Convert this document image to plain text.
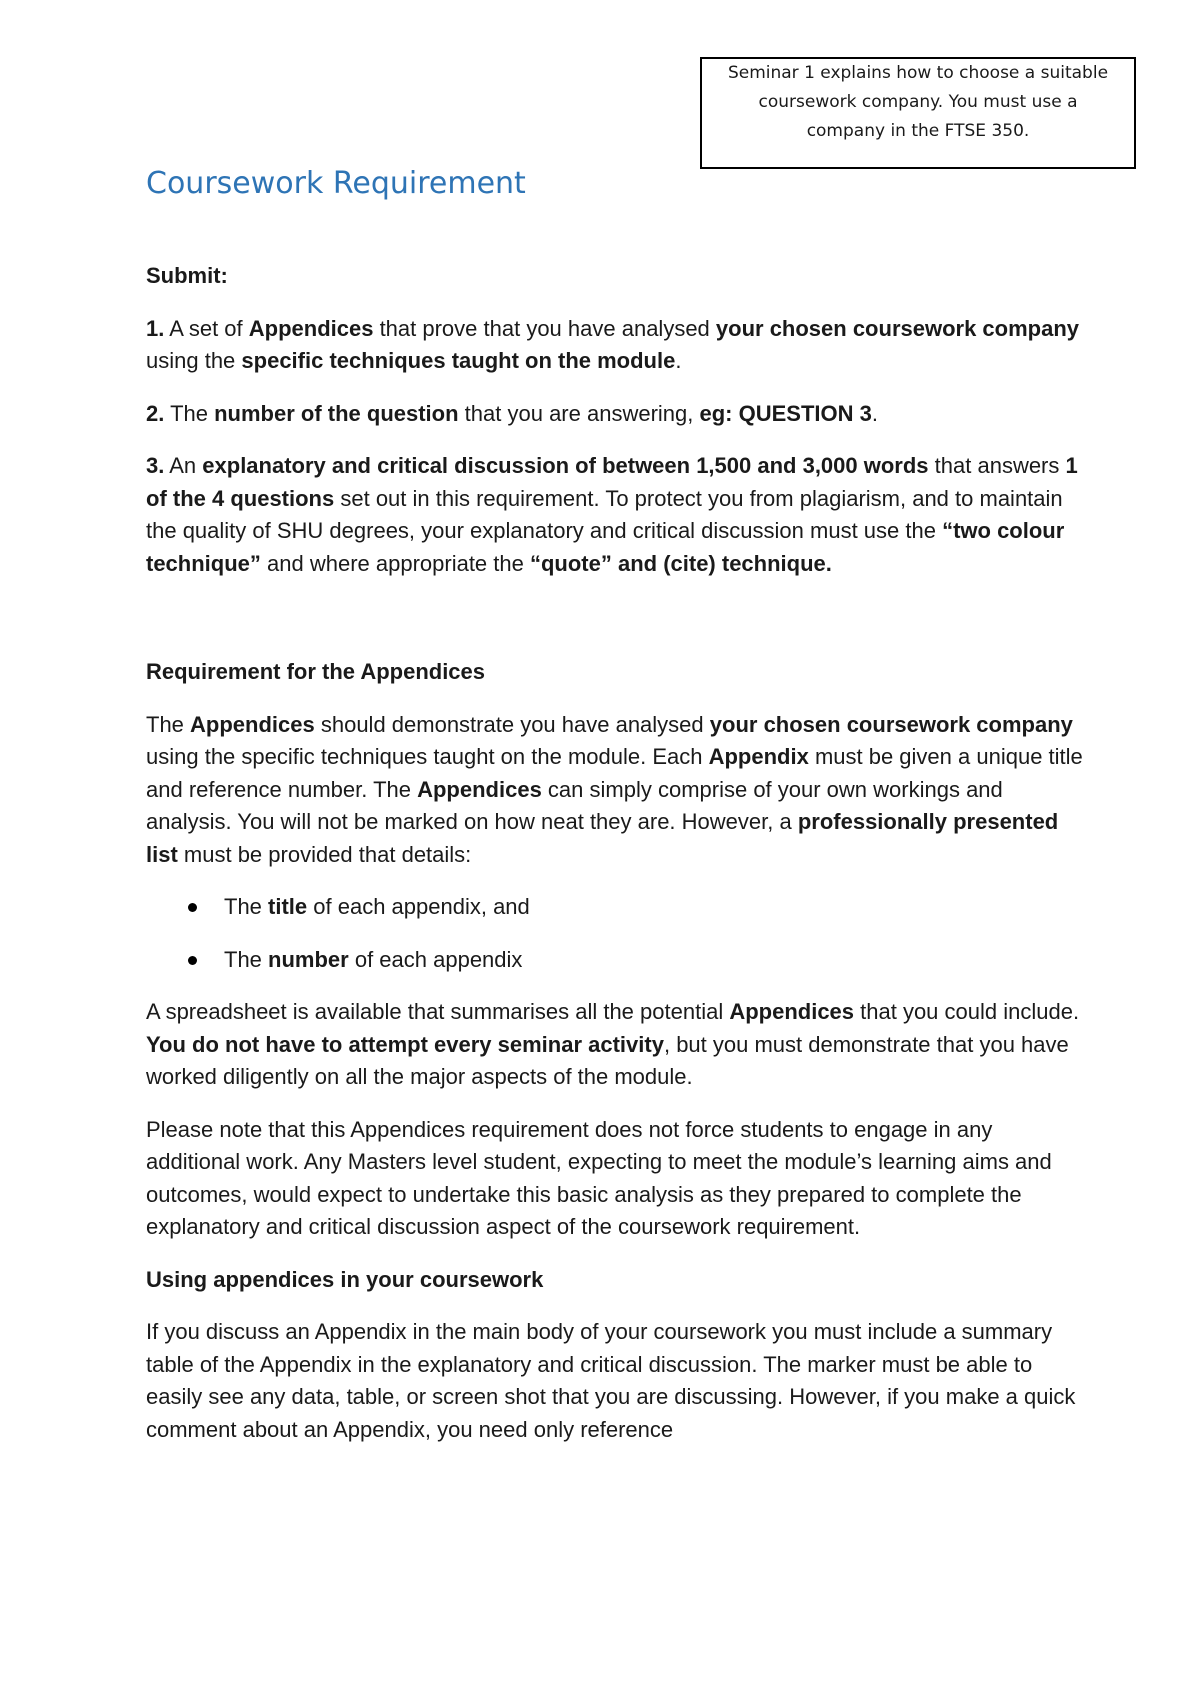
Seminar 1 explains how to choose a suitable
coursework company. You must use a
company in the FTSE 350.
Coursework Requirement

Submit:

1. A set of Appendices that prove that you have analysed your chosen coursework company using the specific techniques taught on the module.

2. The number of the question that you are answering, eg: QUESTION 3.

3. An explanatory and critical discussion of between 1,500 and 3,000 words that answers 1 of the 4 questions set out in this requirement. To protect you from plagiarism, and to maintain the quality of SHU degrees, your explanatory and critical discussion must use the “two colour technique” and where appropriate the “quote” and (cite) technique.

Requirement for the Appendices

The Appendices should demonstrate you have analysed your chosen coursework company using the specific techniques taught on the module. Each Appendix must be given a unique title and reference number. The Appendices can simply comprise of your own workings and analysis. You will not be marked on how neat they are. However, a professionally presented list must be provided that details:

The title of each appendix, and
The number of each appendix

A spreadsheet is available that summarises all the potential Appendices that you could include. You do not have to attempt every seminar activity, but you must demonstrate that you have worked diligently on all the major aspects of the module.

Please note that this Appendices requirement does not force students to engage in any additional work. Any Masters level student, expecting to meet the module’s learning aims and outcomes, would expect to undertake this basic analysis as they prepared to complete the explanatory and critical discussion aspect of the coursework requirement.

Using appendices in your coursework

If you discuss an Appendix in the main body of your coursework you must include a summary table of the Appendix in the explanatory and critical discussion. The marker must be able to easily see any data, table, or screen shot that you are discussing. However, if you make a quick comment about an Appendix, you need only reference
